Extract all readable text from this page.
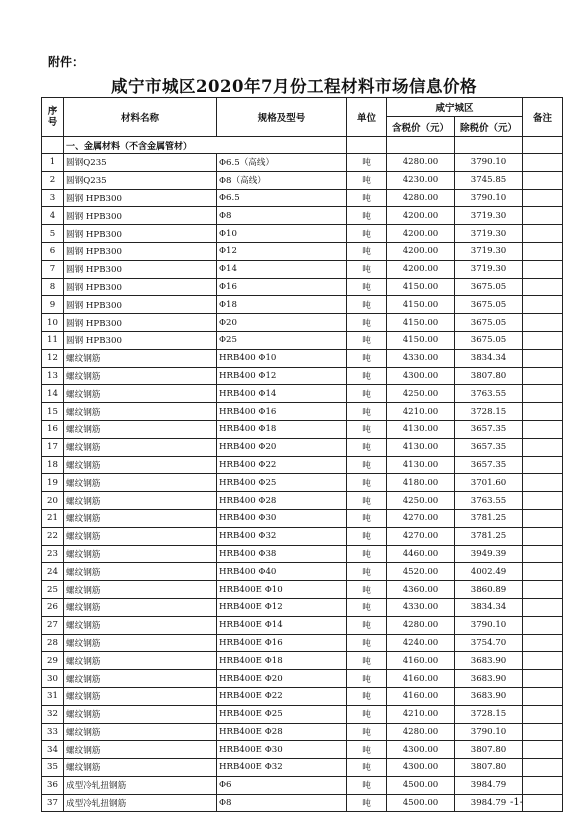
附件：
咸宁市城区2020年7月份工程材料市场信息价格
序号	材料名称	规格及型号	单位	咸宁城区		备注
				含税价（元）	除税价（元）	
	一、金属材料（不含金属管材）					
1	圆钢Q235	Φ6.5（高线）	吨	4280.00	3790.10	
2	圆钢Q235	Φ8（高线）	吨	4230.00	3745.85	
3	圆钢 HPB300	Φ6.5	吨	4280.00	3790.10	
4	圆钢 HPB300	Φ8	吨	4200.00	3719.30	
5	圆钢 HPB300	Φ10	吨	4200.00	3719.30	
6	圆钢 HPB300	Φ12	吨	4200.00	3719.30	
7	圆钢 HPB300	Φ14	吨	4200.00	3719.30	
8	圆钢 HPB300	Φ16	吨	4150.00	3675.05	
9	圆钢 HPB300	Φ18	吨	4150.00	3675.05	
10	圆钢 HPB300	Φ20	吨	4150.00	3675.05	
11	圆钢 HPB300	Φ25	吨	4150.00	3675.05	
12	螺纹钢筋	HRB400 Φ10	吨	4330.00	3834.34	
13	螺纹钢筋	HRB400 Φ12	吨	4300.00	3807.80	
14	螺纹钢筋	HRB400 Φ14	吨	4250.00	3763.55	
15	螺纹钢筋	HRB400 Φ16	吨	4210.00	3728.15	
16	螺纹钢筋	HRB400 Φ18	吨	4130.00	3657.35	
17	螺纹钢筋	HRB400 Φ20	吨	4130.00	3657.35	
18	螺纹钢筋	HRB400 Φ22	吨	4130.00	3657.35	
19	螺纹钢筋	HRB400 Φ25	吨	4180.00	3701.60	
20	螺纹钢筋	HRB400 Φ28	吨	4250.00	3763.55	
21	螺纹钢筋	HRB400 Φ30	吨	4270.00	3781.25	
22	螺纹钢筋	HRB400 Φ32	吨	4270.00	3781.25	
23	螺纹钢筋	HRB400 Φ38	吨	4460.00	3949.39	
24	螺纹钢筋	HRB400 Φ40	吨	4520.00	4002.49	
25	螺纹钢筋	HRB400E Φ10	吨	4360.00	3860.89	
26	螺纹钢筋	HRB400E Φ12	吨	4330.00	3834.34	
27	螺纹钢筋	HRB400E Φ14	吨	4280.00	3790.10	
28	螺纹钢筋	HRB400E Φ16	吨	4240.00	3754.70	
29	螺纹钢筋	HRB400E Φ18	吨	4160.00	3683.90	
30	螺纹钢筋	HRB400E Φ20	吨	4160.00	3683.90	
31	螺纹钢筋	HRB400E Φ22	吨	4160.00	3683.90	
32	螺纹钢筋	HRB400E Φ25	吨	4210.00	3728.15	
33	螺纹钢筋	HRB400E Φ28	吨	4280.00	3790.10	
34	螺纹钢筋	HRB400E Φ30	吨	4300.00	3807.80	
35	螺纹钢筋	HRB400E Φ32	吨	4300.00	3807.80	
36	成型冷轧扭钢筋	Φ6	吨	4500.00	3984.79	
37	成型冷轧扭钢筋	Φ8	吨	4500.00	3984.79	-1-
